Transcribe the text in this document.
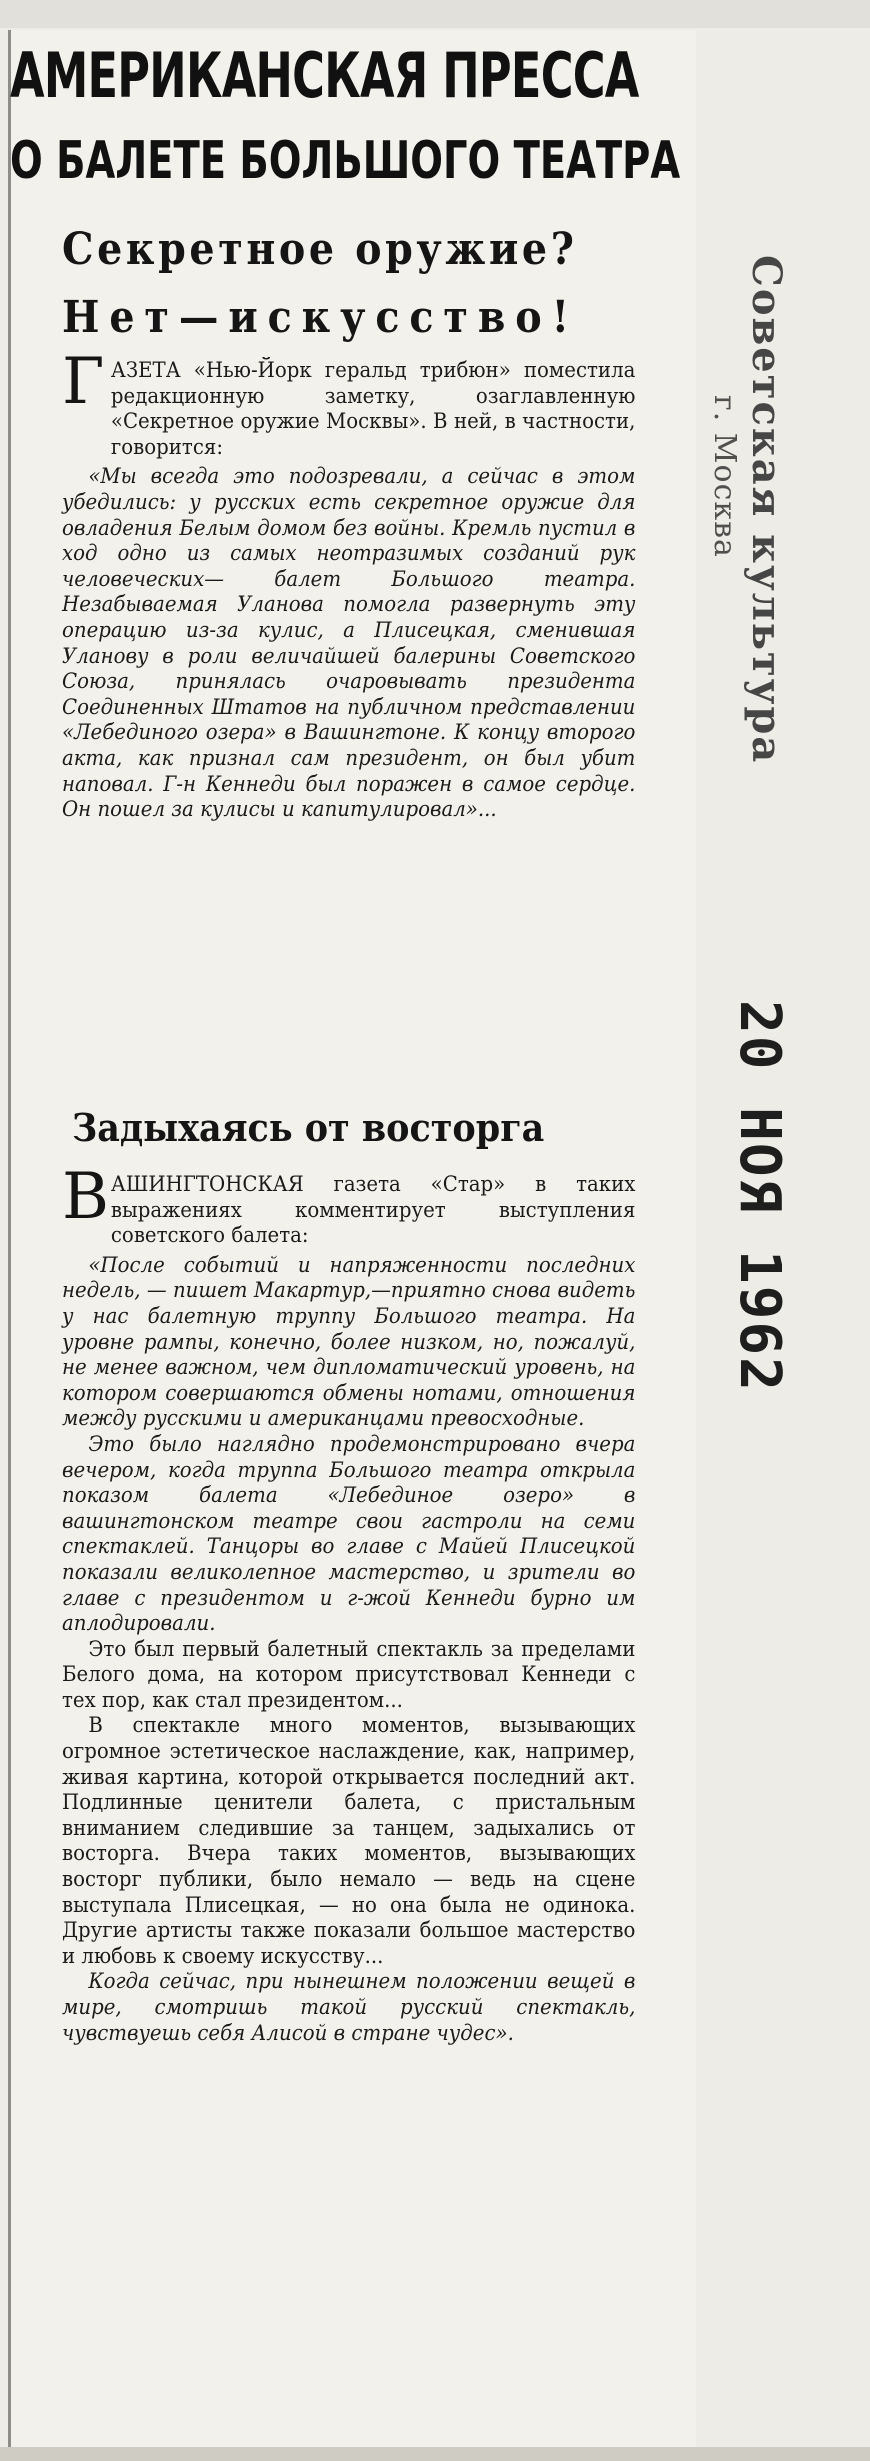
АМЕРИКАНСКАЯ ПРЕССА
О БАЛЕТЕ БОЛЬШОГО ТЕАТРА
Секретное оружие?
Нет—искусство!
Г АЗЕТА «Нью-Йорк геральд трибюн» поместила редакционную заметку, озаглавленную «Секретное оружие Москвы». В ней, в частности, говорится:

«Мы всегда это подозревали, а сейчас в этом убедились: у русских есть секретное оружие для овладения Белым домом без войны. Кремль пустил в ход одно из самых неотразимых созданий рук человеческих— балет Большого театра. Незабываемая Уланова помогла развернуть эту операцию из-за кулис, а Плисецкая, сменившая Уланову в роли величайшей балерины Советского Союза, принялась очаровывать президента Соединенных Штатов на публичном представлении «Лебединого озера» в Вашингтоне. К концу второго акта, как признал сам президент, он был убит наповал. Г-н Кеннеди был поражен в самое сердце. Он пошел за кулисы и капитулировал»...

Задыхаясь от восторга
В АШИНГТОНСКАЯ газета «Стар» в таких выражениях комментирует выступления советского балета:

«После событий и напряженности последних недель, — пишет Макартур,—приятно снова видеть у нас балетную труппу Большого театра. На уровне рампы, конечно, более низком, но, пожалуй, не менее важном, чем дипломатический уровень, на котором совершаются обмены нотами, отношения между русскими и американцами превосходные.

Это было наглядно продемонстрировано вчера вечером, когда труппа Большого театра открыла показом балета «Лебединое озеро» в вашингтонском театре свои гастроли на семи спектаклей. Танцоры во главе с Майей Плисецкой показали великолепное мастерство, и зрители во главе с президентом и г-жой Кеннеди бурно им аплодировали.

Это был первый балетный спектакль за пределами Белого дома, на котором присутствовал Кеннеди с тех пор, как стал президентом...

В спектакле много моментов, вызывающих огромное эстетическое наслаждение, как, например, живая картина, которой открывается последний акт. Подлинные ценители балета, с пристальным вниманием следившие за танцем, задыхались от восторга. Вчера таких моментов, вызывающих восторг публики, было немало — ведь на сцене выступала Плисецкая, — но она была не одинока. Другие артисты также показали большое мастерство и любовь к своему искусству...

Когда сейчас, при нынешнем положении вещей в мире, смотришь такой русский спектакль, чувствуешь себя Алисой в стране чудес».

Советская культура
г. Москва
20 НОЯ 1962
